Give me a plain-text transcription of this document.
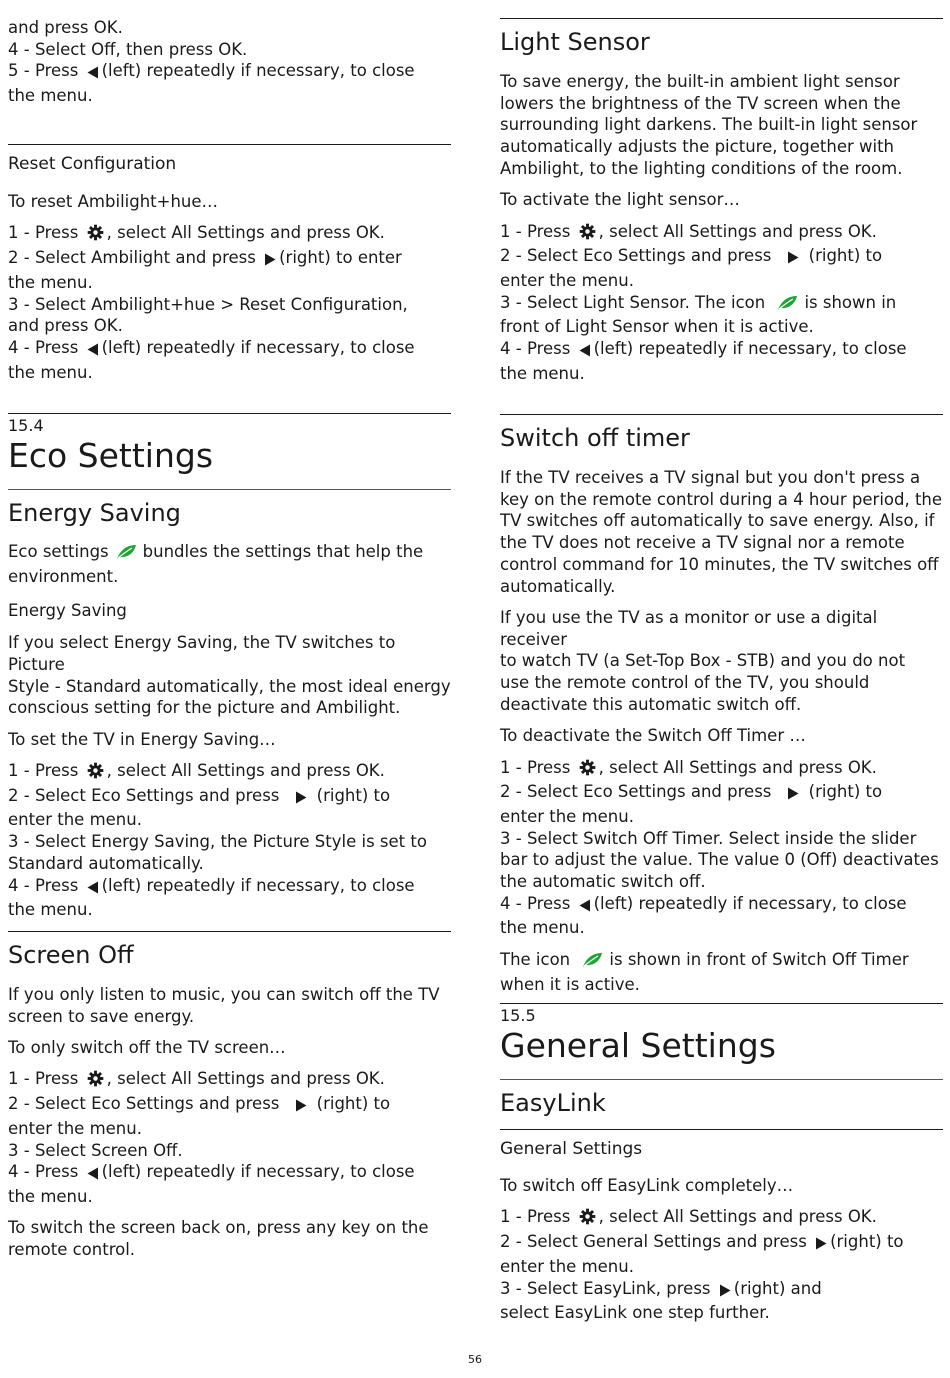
and press OK.

4 - Select Off, then press OK.

5 - Press (left) repeatedly if necessary, to close

the menu.

Reset Configuration

To reset Ambilight+hue…

1 - Press , select All Settings and press OK.

2 - Select Ambilight and press (right) to enter

the menu.

3 - Select Ambilight+hue > Reset Configuration,

and press OK.

4 - Press (left) repeatedly if necessary, to close

the menu.

15.4

Eco Settings
Energy Saving

Eco settings bundles the settings that help the

environment.

Energy Saving

If you select Energy Saving, the TV switches to Picture

Style - Standard automatically, the most ideal energy

conscious setting for the picture and Ambilight.

To set the TV in Energy Saving…

1 - Press , select All Settings and press OK.

2 - Select Eco Settings and press (right) to

enter the menu.

3 - Select Energy Saving, the Picture Style is set to

Standard automatically.

4 - Press (left) repeatedly if necessary, to close

the menu.

Screen Off

If you only listen to music, you can switch off the TV

screen to save energy.

To only switch off the TV screen…

1 - Press , select All Settings and press OK.

2 - Select Eco Settings and press (right) to

enter the menu.

3 - Select Screen Off.

4 - Press (left) repeatedly if necessary, to close

the menu.

To switch the screen back on, press any key on the

remote control.

Light Sensor

To save energy, the built-in ambient light sensor

lowers the brightness of the TV screen when the

surrounding light darkens. The built-in light sensor

automatically adjusts the picture, together with

Ambilight, to the lighting conditions of the room.

To activate the light sensor…

1 - Press , select All Settings and press OK.

2 - Select Eco Settings and press (right) to

enter the menu.

3 - Select Light Sensor. The icon is shown in

front of Light Sensor when it is active.

4 - Press (left) repeatedly if necessary, to close

the menu.

Switch off timer

If the TV receives a TV signal but you don't press a

key on the remote control during a 4 hour period, the

TV switches off automatically to save energy. Also, if

the TV does not receive a TV signal nor a remote

control command for 10 minutes, the TV switches off

automatically.

If you use the TV as a monitor or use a digital receiver

to watch TV (a Set-Top Box - STB) and you do not

use the remote control of the TV, you should

deactivate this automatic switch off.

To deactivate the Switch Off Timer …

1 - Press , select All Settings and press OK.

2 - Select Eco Settings and press (right) to

enter the menu.

3 - Select Switch Off Timer. Select inside the slider

bar to adjust the value. The value 0 (Off) deactivates

the automatic switch off.

4 - Press (left) repeatedly if necessary, to close

the menu.

The icon is shown in front of Switch Off Timer

when it is active.

15.5

General Settings
EasyLink
General Settings

To switch off EasyLink completely…

1 - Press , select All Settings and press OK.

2 - Select General Settings and press (right) to

enter the menu.

3 - Select EasyLink, press (right) and

select EasyLink one step further.

56
